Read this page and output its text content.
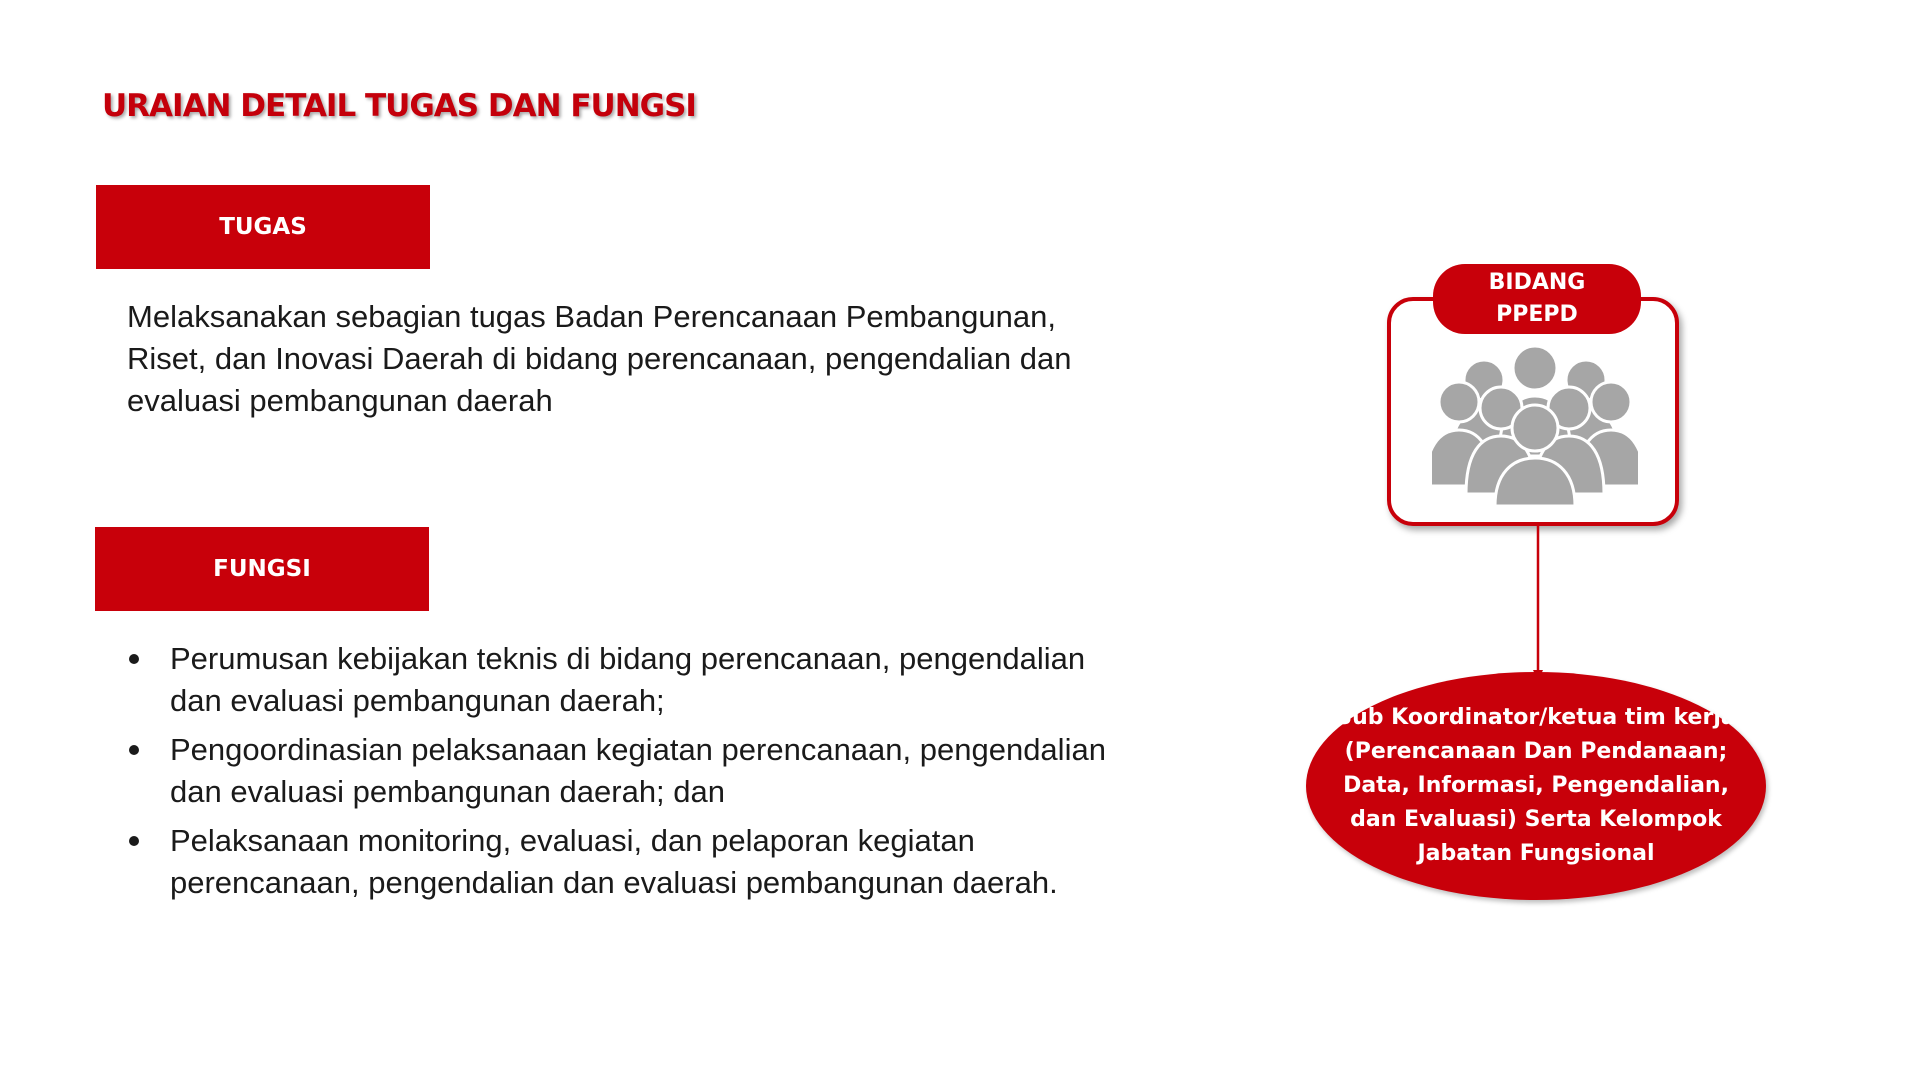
URAIAN DETAIL TUGAS DAN FUNGSI
TUGAS

Melaksanakan sebagian tugas Badan Perencanaan Pembangunan, Riset, dan Inovasi Daerah di bidang perencanaan, pengendalian dan evaluasi pembangunan daerah

FUNGSI
Perumusan kebijakan teknis di bidang perencanaan, pengendalian dan evaluasi pembangunan daerah;
Pengoordinasian pelaksanaan kegiatan perencanaan, pengendalian dan evaluasi pembangunan daerah; dan
Pelaksanaan monitoring, evaluasi, dan pelaporan kegiatan perencanaan, pengendalian dan evaluasi pembangunan daerah.
BIDANG
PPEPD
Sub Koordinator/ketua tim kerja (Perencanaan Dan Pendanaan; Data, Informasi, Pengendalian, dan Evaluasi) Serta Kelompok Jabatan Fungsional
